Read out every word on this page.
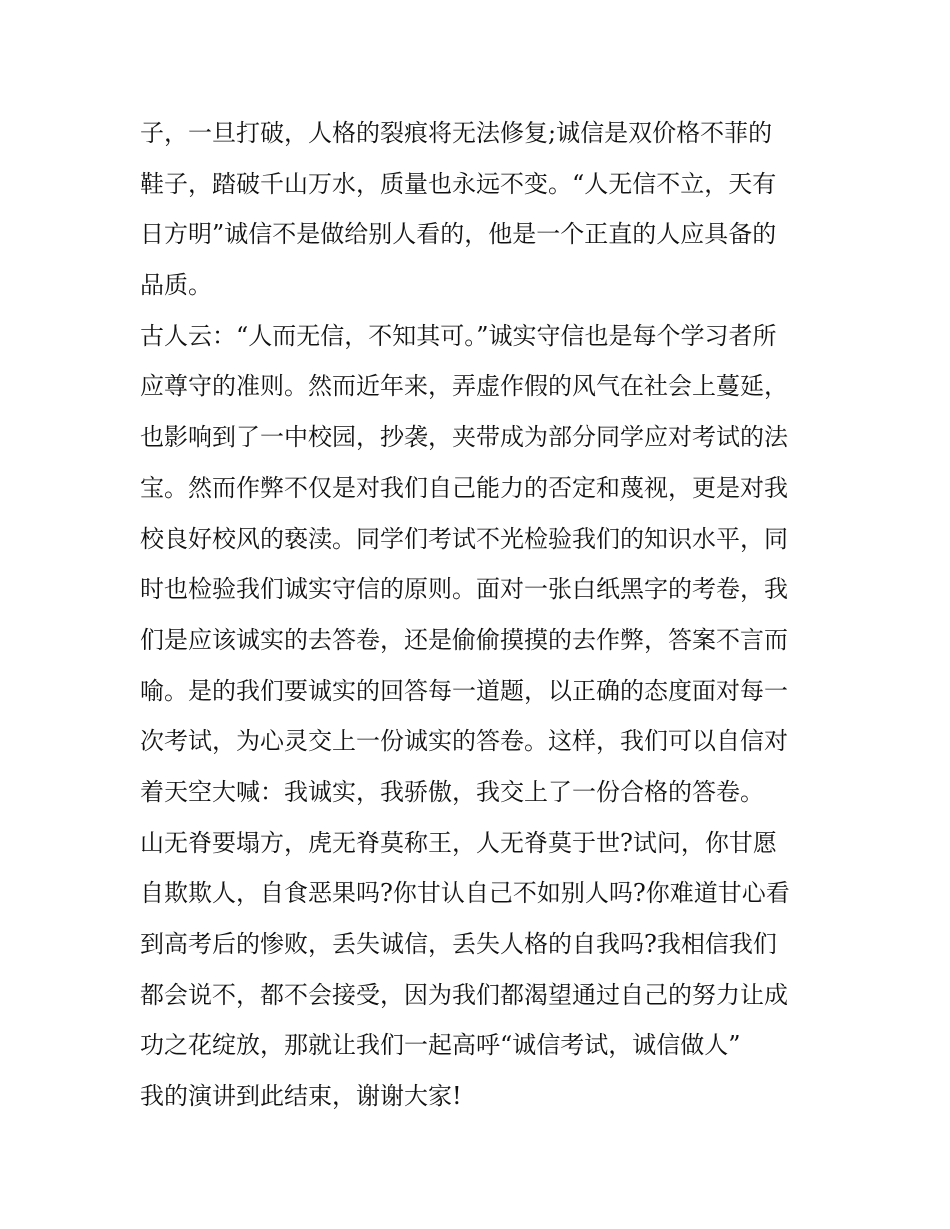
子，一旦打破，人格的裂痕将无法修复;诚信是双价格不菲的
鞋子，踏破千山万水，质量也永远不变。“人无信不立，天有
日方明”诚信不是做给别人看的，他是一个正直的人应具备的
品质。
古人云：“人而无信，不知其可。”诚实守信也是每个学习者所
应尊守的准则。然而近年来，弄虚作假的风气在社会上蔓延，
也影响到了一中校园，抄袭，夹带成为部分同学应对考试的法
宝。然而作弊不仅是对我们自己能力的否定和蔑视，更是对我
校良好校风的亵渎。同学们考试不光检验我们的知识水平，同
时也检验我们诚实守信的原则。面对一张白纸黑字的考卷，我
们是应该诚实的去答卷，还是偷偷摸摸的去作弊，答案不言而
喻。是的我们要诚实的回答每一道题，以正确的态度面对每一
次考试，为心灵交上一份诚实的答卷。这样，我们可以自信对
着天空大喊：我诚实，我骄傲，我交上了一份合格的答卷。
山无脊要塌方，虎无脊莫称王，人无脊莫于世?试问，你甘愿
自欺欺人，自食恶果吗?你甘认自己不如别人吗?你难道甘心看
到高考后的惨败，丢失诚信，丢失人格的自我吗?我相信我们
都会说不，都不会接受，因为我们都渴望通过自己的努力让成
功之花绽放，那就让我们一起高呼“诚信考试，诚信做人”
我的演讲到此结束，谢谢大家!
